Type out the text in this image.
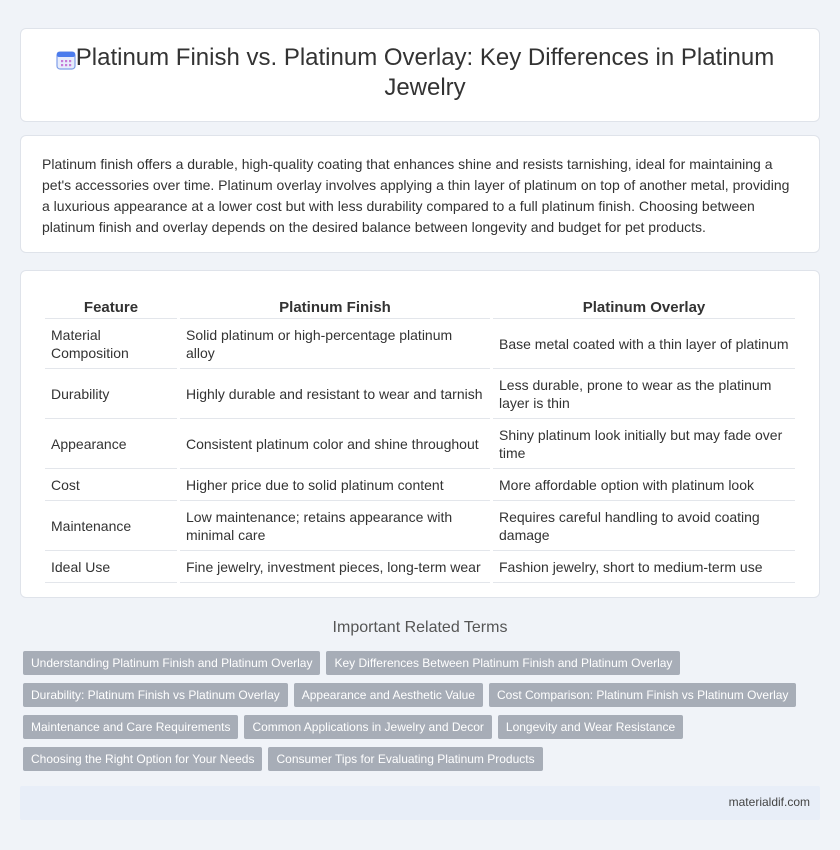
Platinum Finish vs. Platinum Overlay: Key Differences in Platinum Jewelry

Platinum finish offers a durable, high-quality coating that enhances shine and resists tarnishing, ideal for maintaining a pet's accessories over time. Platinum overlay involves applying a thin layer of platinum on top of another metal, providing a luxurious appearance at a lower cost but with less durability compared to a full platinum finish. Choosing between platinum finish and overlay depends on the desired balance between longevity and budget for pet products.

Feature	Platinum Finish	Platinum Overlay
Material Composition	Solid platinum or high-percentage platinum alloy	Base metal coated with a thin layer of platinum
Durability	Highly durable and resistant to wear and tarnish	Less durable, prone to wear as the platinum layer is thin
Appearance	Consistent platinum color and shine throughout	Shiny platinum look initially but may fade over time
Cost	Higher price due to solid platinum content	More affordable option with platinum look
Maintenance	Low maintenance; retains appearance with minimal care	Requires careful handling to avoid coating damage
Ideal Use	Fine jewelry, investment pieces, long-term wear	Fashion jewelry, short to medium-term use
Important Related Terms
Understanding Platinum Finish and Platinum Overlay	Key Differences Between Platinum Finish and Platinum Overlay
Durability: Platinum Finish vs Platinum Overlay	Appearance and Aesthetic Value	Cost Comparison: Platinum Finish vs Platinum Overlay
Maintenance and Care Requirements	Common Applications in Jewelry and Decor	Longevity and Wear Resistance
Choosing the Right Option for Your Needs	Consumer Tips for Evaluating Platinum Products
materialdif.com
